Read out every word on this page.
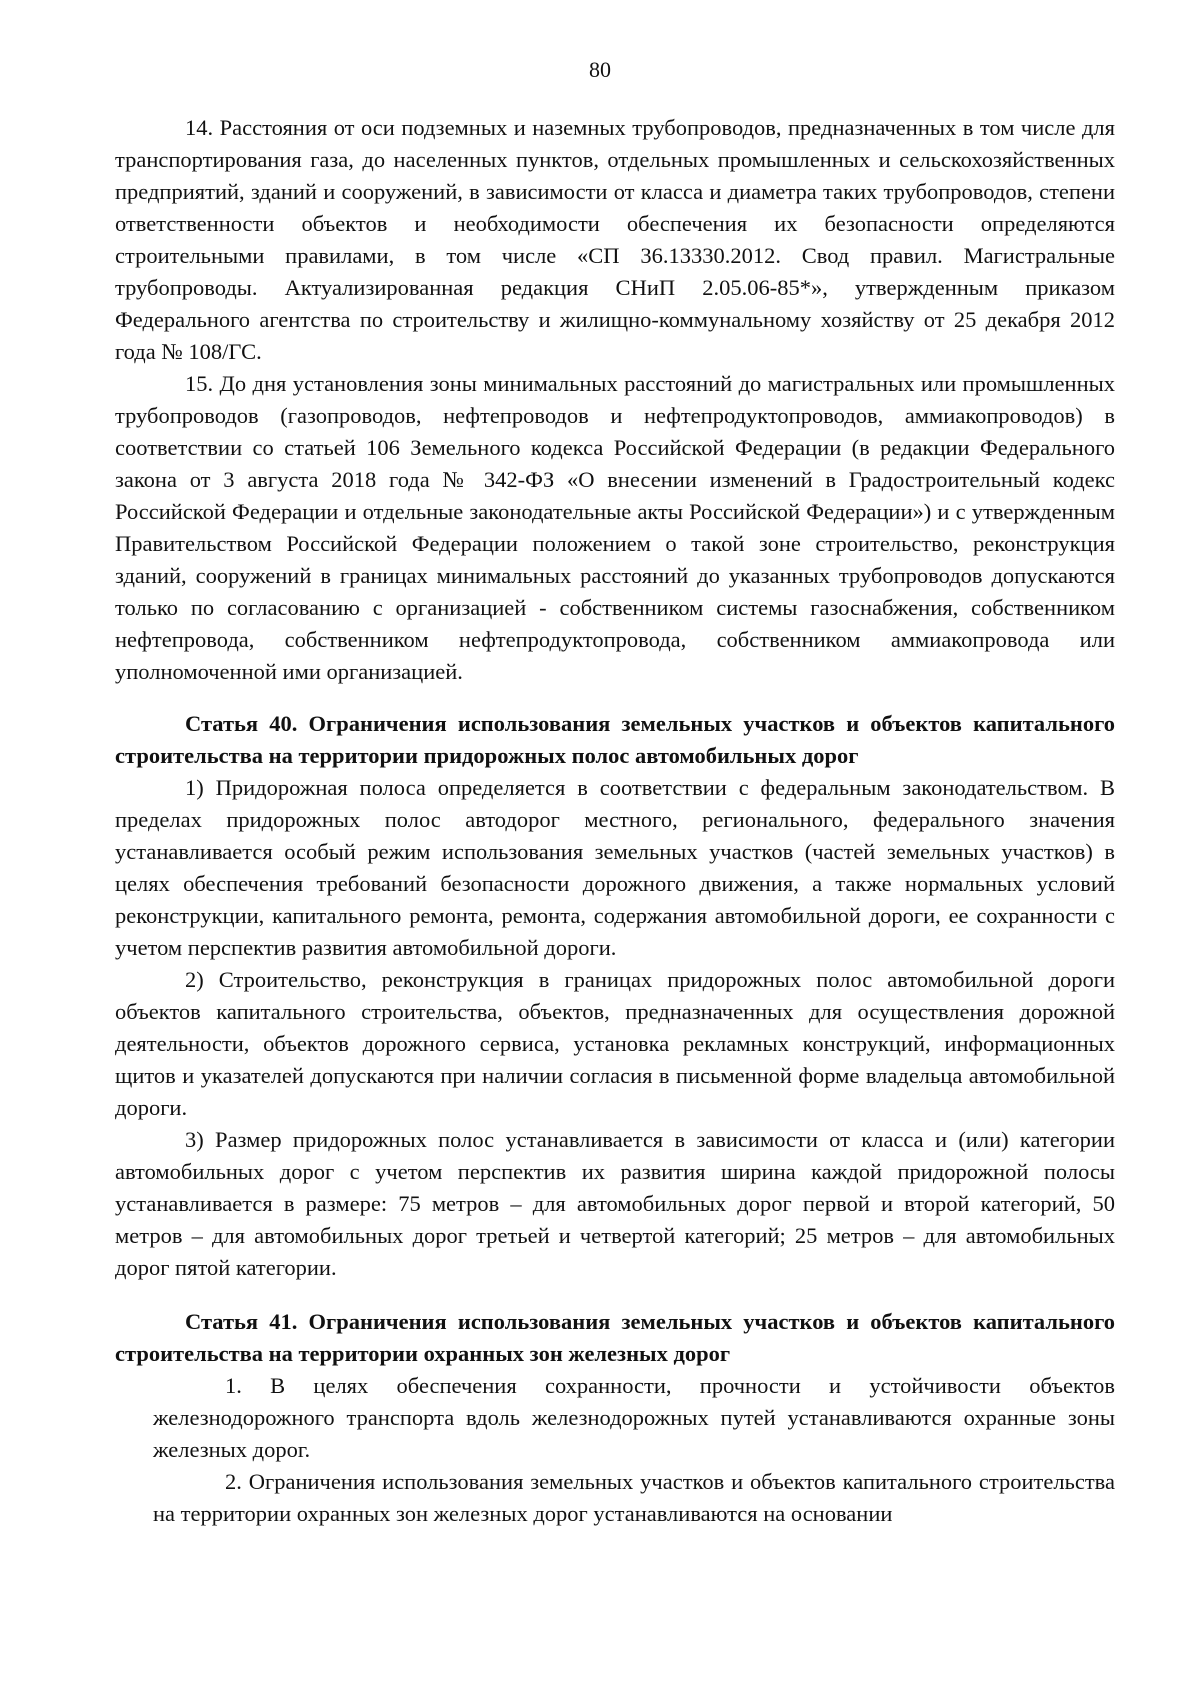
80

14. Расстояния от оси подземных и наземных трубопроводов, предназначенных в том числе для транспортирования газа, до населенных пунктов, отдельных промышленных и сельскохозяйственных предприятий, зданий и сооружений, в зависимости от класса и диаметра таких трубопроводов, степени ответственности объектов и необходимости обеспечения их безопасности определяются строительными правилами, в том числе «СП 36.13330.2012. Свод правил. Магистральные трубопроводы. Актуализированная редакция СНиП 2.05.06-85*», утвержденным приказом Федерального агентства по строительству и жилищно-коммунальному хозяйству от 25 декабря 2012 года № 108/ГС.

15. До дня установления зоны минимальных расстояний до магистральных или промышленных трубопроводов (газопроводов, нефтепроводов и нефтепродуктопроводов, аммиакопроводов) в соответствии со статьей 106 Земельного кодекса Российской Федерации (в редакции Федерального закона от 3 августа 2018 года № 342-ФЗ «О внесении изменений в Градостроительный кодекс Российской Федерации и отдельные законодательные акты Российской Федерации») и с утвержденным Правительством Российской Федерации положением о такой зоне строительство, реконструкция зданий, сооружений в границах минимальных расстояний до указанных трубопроводов допускаются только по согласованию с организацией - собственником системы газоснабжения, собственником нефтепровода, собственником нефтепродуктопровода, собственником аммиакопровода или уполномоченной ими организацией.

Статья 40. Ограничения использования земельных участков и объектов капитального строительства на территории придорожных полос автомобильных дорог

1) Придорожная полоса определяется в соответствии с федеральным законодательством. В пределах придорожных полос автодорог местного, регионального, федерального значения устанавливается особый режим использования земельных участков (частей земельных участков) в целях обеспечения требований безопасности дорожного движения, а также нормальных условий реконструкции, капитального ремонта, ремонта, содержания автомобильной дороги, ее сохранности с учетом перспектив развития автомобильной дороги.

2) Строительство, реконструкция в границах придорожных полос автомобильной дороги объектов капитального строительства, объектов, предназначенных для осуществления дорожной деятельности, объектов дорожного сервиса, установка рекламных конструкций, информационных щитов и указателей допускаются при наличии согласия в письменной форме владельца автомобильной дороги.

3) Размер придорожных полос устанавливается в зависимости от класса и (или) категории автомобильных дорог с учетом перспектив их развития ширина каждой придорожной полосы устанавливается в размере: 75 метров – для автомобильных дорог первой и второй категорий, 50 метров – для автомобильных дорог третьей и четвертой категорий; 25 метров – для автомобильных дорог пятой категории.

Статья 41. Ограничения использования земельных участков и объектов капитального строительства на территории охранных зон железных дорог

1. В целях обеспечения сохранности, прочности и устойчивости объектов железнодорожного транспорта вдоль железнодорожных путей устанавливаются охранные зоны железных дорог.

2. Ограничения использования земельных участков и объектов капитального строительства на территории охранных зон железных дорог устанавливаются на основании
